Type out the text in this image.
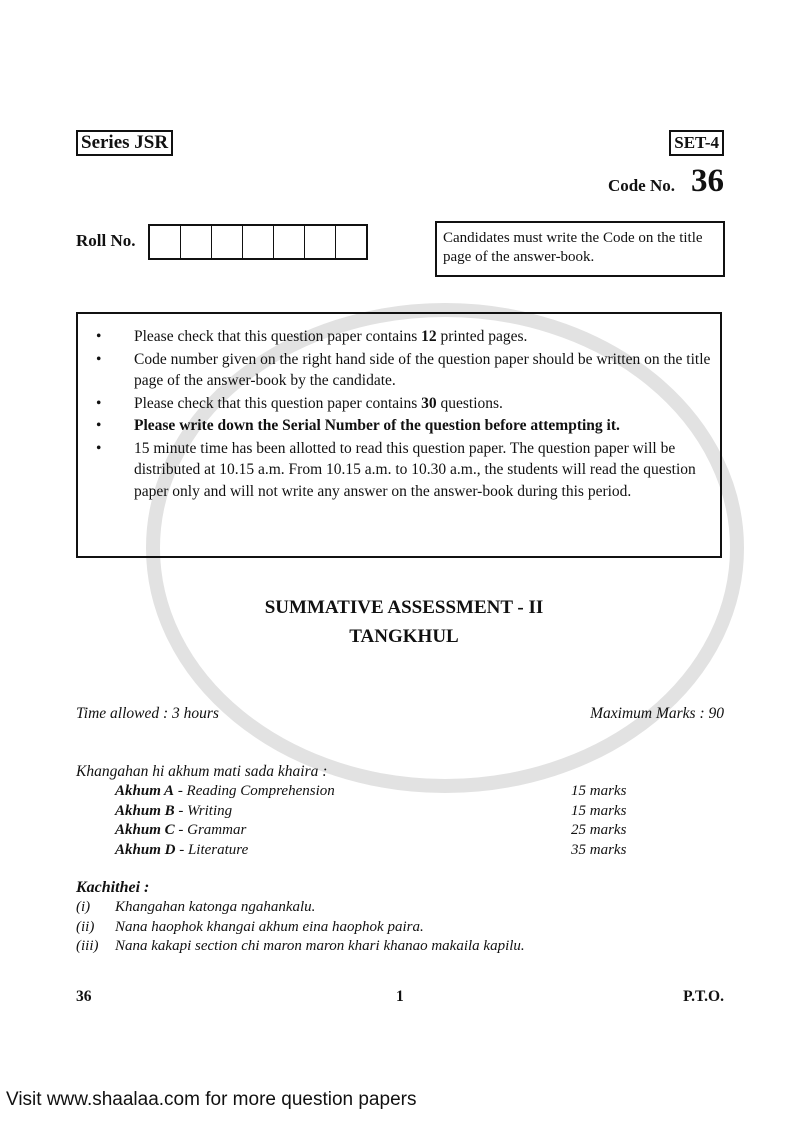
Series JSR	SET-4
Code No. 36
Roll No.	Candidates must write the Code on the title page of the answer-book.
• Please check that this question paper contains 12 printed pages.
• Code number given on the right hand side of the question paper should be written on the title page of the answer-book by the candidate.
• Please check that this question paper contains 30 questions.
• Please write down the Serial Number of the question before attempting it.
• 15 minute time has been allotted to read this question paper. The question paper will be distributed at 10.15 a.m. From 10.15 a.m. to 10.30 a.m., the students will read the question paper only and will not write any answer on the answer-book during this period.
SUMMATIVE ASSESSMENT - II
TANGKHUL
Time allowed : 3 hours	Maximum Marks : 90
Khangahan hi akhum mati sada khaira :
Akhum A - Reading Comprehension	15 marks
Akhum B - Writing	15 marks
Akhum C - Grammar	25 marks
Akhum D - Literature	35 marks
Kachithei :
(i) Khangahan katonga ngahankalu.
(ii) Nana haophok khangai akhum eina haophok paira.
(iii) Nana kakapi section chi maron maron khari khanao makaila kapilu.
36	1	P.T.O.
Visit www.shaalaa.com for more question papers
